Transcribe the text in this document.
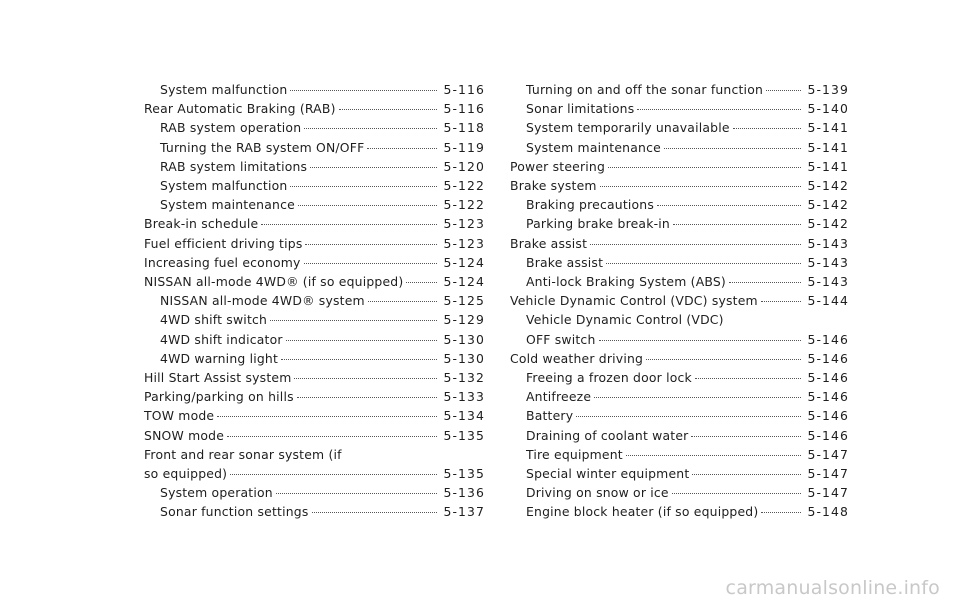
System malfunction	5-116
Rear Automatic Braking (RAB)	5-116
RAB system operation	5-118
Turning the RAB system ON/OFF	5-119
RAB system limitations	5-120
System malfunction	5-122
System maintenance	5-122
Break-in schedule	5-123
Fuel efficient driving tips	5-123
Increasing fuel economy	5-124
NISSAN all-mode 4WD® (if so equipped)	5-124
NISSAN all-mode 4WD® system	5-125
4WD shift switch	5-129
4WD shift indicator	5-130
4WD warning light	5-130
Hill Start Assist system	5-132
Parking/parking on hills	5-133
TOW mode	5-134
SNOW mode	5-135
Front and rear sonar system (if
so equipped)	5-135
System operation	5-136
Sonar function settings	5-137
Turning on and off the sonar function	5-139
Sonar limitations	5-140
System temporarily unavailable	5-141
System maintenance	5-141
Power steering	5-141
Brake system	5-142
Braking precautions	5-142
Parking brake break-in	5-142
Brake assist	5-143
Brake assist	5-143
Anti-lock Braking System (ABS)	5-143
Vehicle Dynamic Control (VDC) system	5-144
Vehicle Dynamic Control (VDC)
OFF switch	5-146
Cold weather driving	5-146
Freeing a frozen door lock	5-146
Antifreeze	5-146
Battery	5-146
Draining of coolant water	5-146
Tire equipment	5-147
Special winter equipment	5-147
Driving on snow or ice	5-147
Engine block heater (if so equipped)	5-148
carmanualsonline.info
